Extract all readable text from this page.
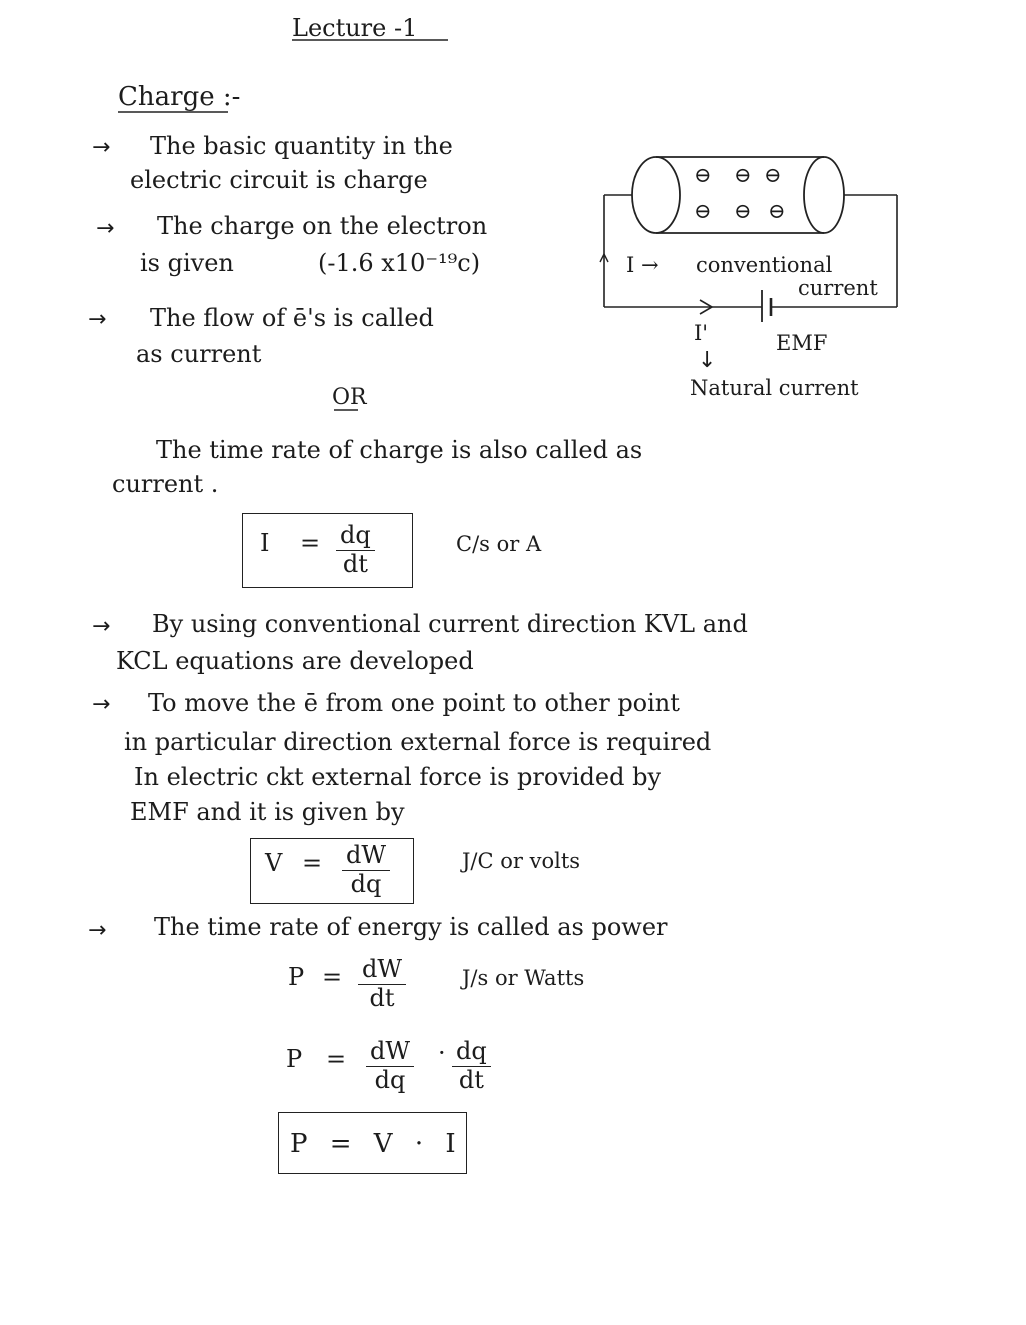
Lecture -1
Charge :-
→ The basic quantity in the
electric circuit is charge
→ The charge on the electron
is given	(-1.6 x10⁻¹⁹c)
→ The flow of ē's is called
as current
⊖ ⊖ ⊖
⊖ ⊖ ⊖
I → conventional
current
I'
↓
EMF
Natural current
OR
The time rate of charge is also called as
current .
$I = \frac{dq}{dt}$	C/s or A
→ By using conventional current direction KVL and
KCL equations are developed
→ To move the ē from one point to other point
in particular direction external force is required
In electric ckt external force is provided by
EMF and it is given by
$V = \frac{dW}{dq}$	J/C or volts
→ The time rate of energy is called as power
$P = \frac{dW}{dt}$	J/s or Watts
$P = \frac{dW}{dq} \cdot \frac{dq}{dt}$
P = V · I
